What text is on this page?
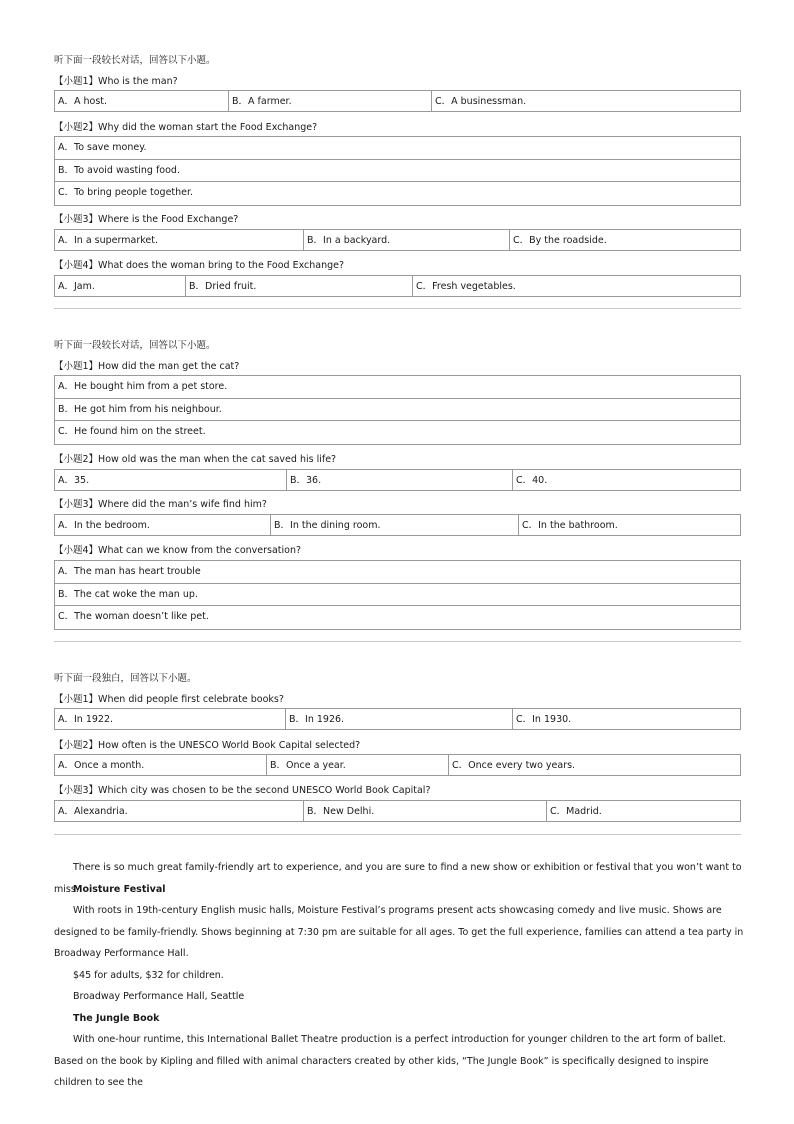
听下面一段较长对话，回答以下小题。
【小题1】Who is the man?
A．A host.	B．A farmer.	C．A businessman.
【小题2】Why did the woman start the Food Exchange?
A．To save money.
B．To avoid wasting food.
C．To bring people together.
【小题3】Where is the Food Exchange?
A．In a supermarket.	B．In a backyard.	C．By the roadside.
【小题4】What does the woman bring to the Food Exchange?
A．Jam.	B．Dried fruit.	C．Fresh vegetables.
听下面一段较长对话，回答以下小题。
【小题1】How did the man get the cat?
A．He bought him from a pet store.
B．He got him from his neighbour.
C．He found him on the street.
【小题2】How old was the man when the cat saved his life?
A．35.	B．36.	C．40.
【小题3】Where did the man’s wife find him?
A．In the bedroom.	B．In the dining room.	C．In the bathroom.
【小题4】What can we know from the conversation?
A．The man has heart trouble
B．The cat woke the man up.
C．The woman doesn’t like pet.
听下面一段独白，回答以下小题。
【小题1】When did people first celebrate books?
A．In 1922.	B．In 1926.	C．In 1930.
【小题2】How often is the UNESCO World Book Capital selected?
A．Once a month.	B．Once a year.	C．Once every two years.
【小题3】Which city was chosen to be the second UNESCO World Book Capital?
A．Alexandria.	B．New Delhi.	C．Madrid.
There is so much great family-friendly art to experience, and you are sure to find a new show or exhibition or festival that you won’t want to miss.
Moisture Festival
With roots in 19th-century English music halls, Moisture Festival’s programs present acts showcasing comedy and live music. Shows are designed to be family-friendly. Shows beginning at 7:30 pm are suitable for all ages. To get the full experience, families can attend a tea party in Broadway Performance Hall.
$45 for adults, $32 for children.
Broadway Performance Hall, Seattle
The Jungle Book
With one-hour runtime, this International Ballet Theatre production is a perfect introduction for younger children to the art form of ballet. Based on the book by Kipling and filled with animal characters created by other kids, “The Jungle Book” is specifically designed to inspire children to see the
